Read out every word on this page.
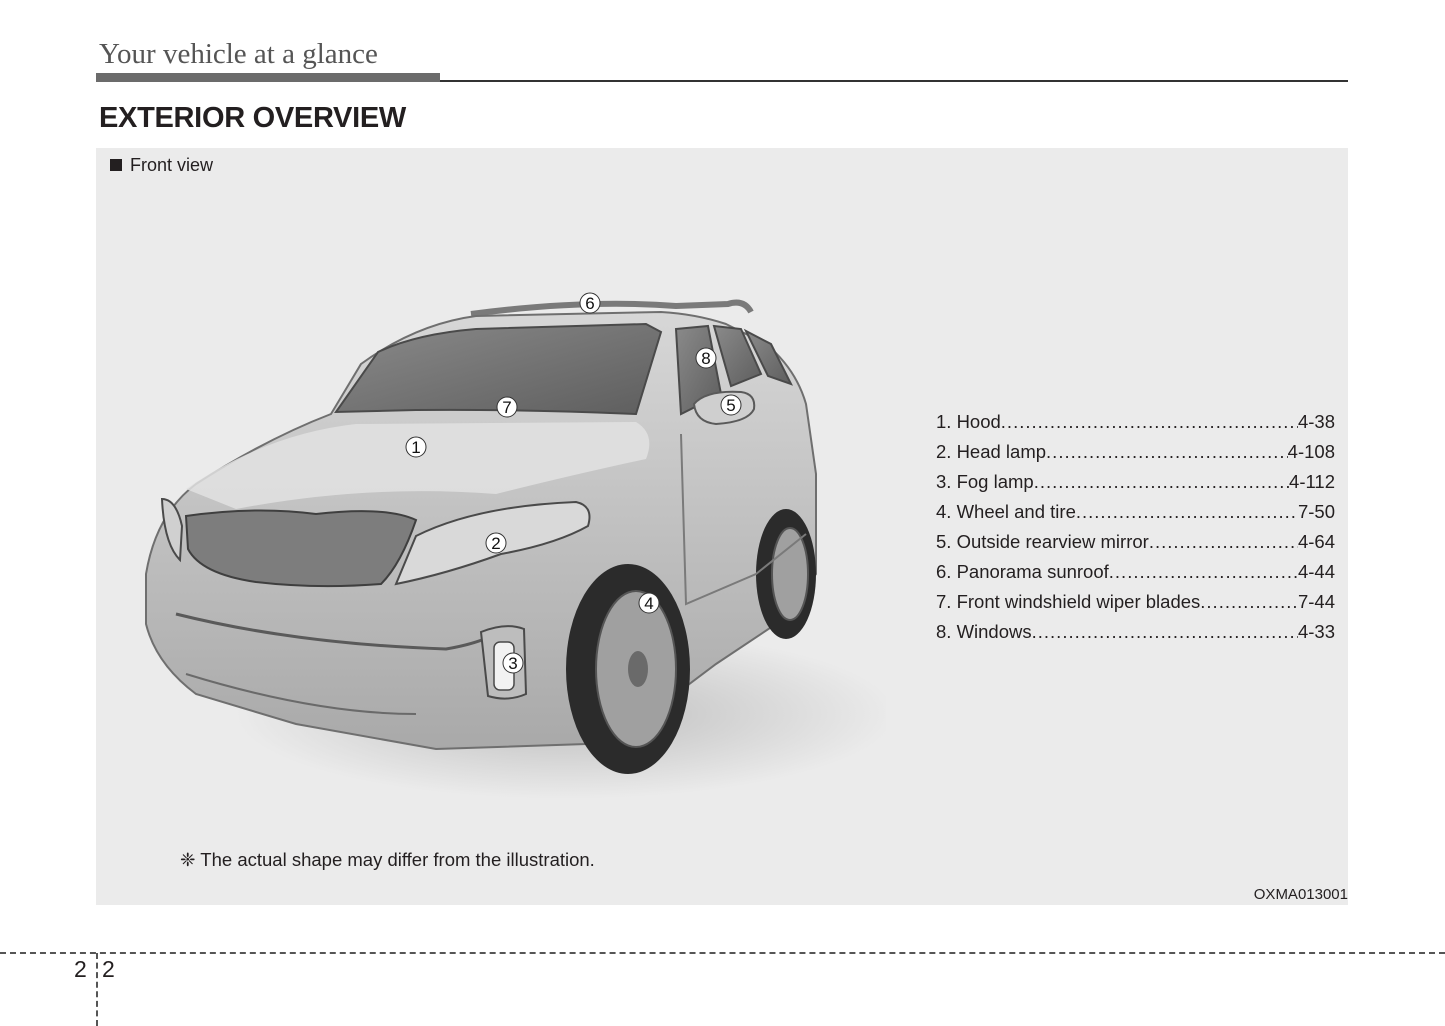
Your vehicle at a glance
EXTERIOR OVERVIEW
Front view
1
2
3
4
5
6
7
8
1. Hood .....	4-38
2. Head lamp .....	4-108
3. Fog lamp .....	4-112
4. Wheel and tire .....	7-50
5. Outside rearview mirror .....	4-64
6. Panorama sunroof .....	4-44
7. Front windshield wiper blades .....	7-44
8. Windows .....	4-33
❈ The actual shape may differ from the illustration.
OXMA013001
2 2
